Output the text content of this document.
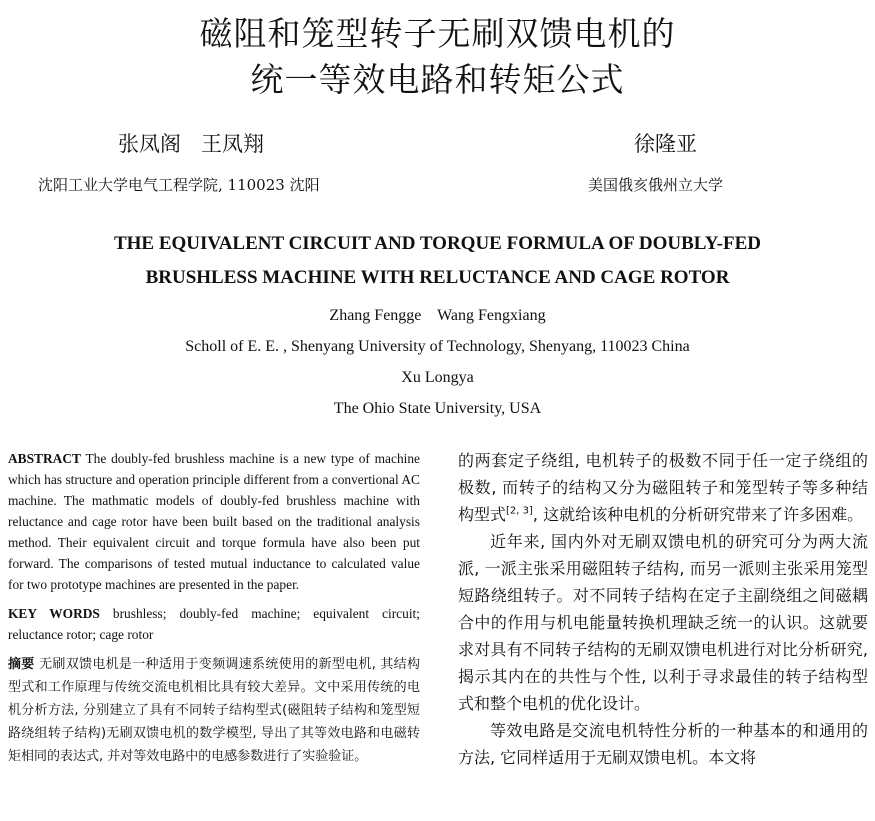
磁阻和笼型转子无刷双馈电机的
统一等效电路和转矩公式
张凤阁   王凤翔	徐隆亚
沈阳工业大学电气工程学院, 110023 沈阳	美国俄亥俄州立大学
THE EQUIVALENT CIRCUIT AND TORQUE FORMULA OF DOUBLY-FED
BRUSHLESS MACHINE WITH RELUCTANCE AND CAGE ROTOR
Zhang Fengge    Wang Fengxiang
Scholl of E. E. , Shenyang University of Technology, Shenyang, 110023 China
Xu Longya
The Ohio State University, USA

ABSTRACT The doubly-fed brushless machine is a new type of machine which has structure and operation principle different from a convertional AC machine. The mathmatic models of doubly-fed brushless machine with reluctance and cage rotor have been built based on the traditional analysis method. Their equivalent circuit and torque formula have also been put forward. The comparisons of tested mutual inductance to calculated value for two prototype machines are presented in the paper.

KEY WORDS brushless; doubly-fed machine; equivalent circuit; reluctance rotor; cage rotor

摘要 无刷双馈电机是一种适用于变频调速系统使用的新型电机, 其结构型式和工作原理与传统交流电机相比具有较大差异。文中采用传统的电机分析方法, 分别建立了具有不同转子结构型式(磁阻转子结构和笼型短路绕组转子结构)无刷双馈电机的数学模型, 导出了其等效电路和电磁转矩相同的表达式, 并对等效电路中的电感参数进行了实验验证。

的两套定子绕组, 电机转子的极数不同于任一定子绕组的极数, 而转子的结构又分为磁阻转子和笼型转子等多种结构型式[2, 3], 这就给该种电机的分析研究带来了许多困难。

近年来, 国内外对无刷双馈电机的研究可分为两大流派, 一派主张采用磁阻转子结构, 而另一派则主张采用笼型短路绕组转子。对不同转子结构在定子主副绕组之间磁耦合中的作用与机电能量转换机理缺乏统一的认识。这就要求对具有不同转子结构的无刷双馈电机进行对比分析研究, 揭示其内在的共性与个性, 以利于寻求最佳的转子结构型式和整个电机的优化设计。

等效电路是交流电机特性分析的一种基本的和通用的方法, 它同样适用于无刷双馈电机。本文将
